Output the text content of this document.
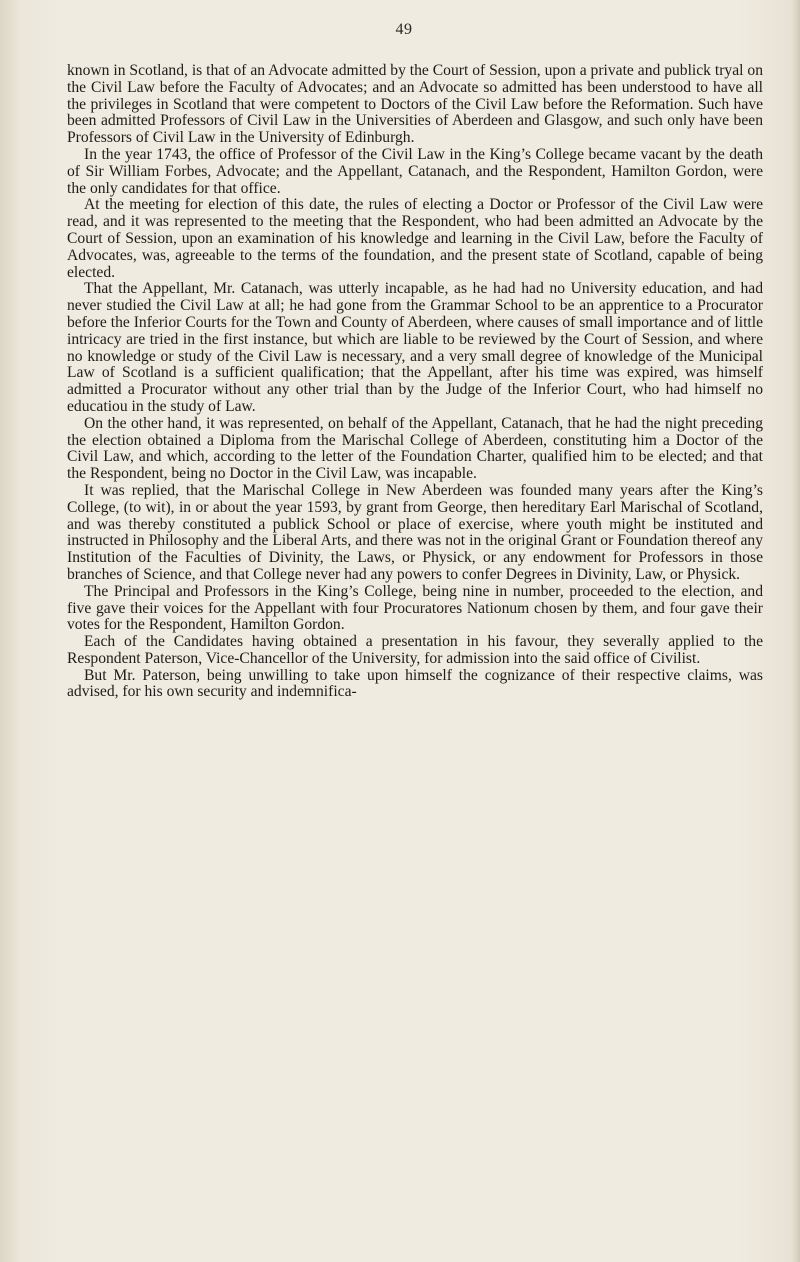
49

known in Scotland, is that of an Advocate admitted by the Court of Session, upon a private and publick tryal on the Civil Law before the Faculty of Advocates; and an Advocate so admitted has been understood to have all the privileges in Scotland that were competent to Doctors of the Civil Law before the Reformation. Such have been admitted Professors of Civil Law in the Universities of Aberdeen and Glasgow, and such only have been Professors of Civil Law in the University of Edinburgh.

In the year 1743, the office of Professor of the Civil Law in the King’s College became vacant by the death of Sir William Forbes, Advocate; and the Appellant, Catanach, and the Respondent, Hamilton Gordon, were the only candidates for that office.

At the meeting for election of this date, the rules of electing a Doctor or Professor of the Civil Law were read, and it was represented to the meeting that the Respondent, who had been admitted an Advocate by the Court of Session, upon an examination of his knowledge and learning in the Civil Law, before the Faculty of Advocates, was, agreeable to the terms of the foundation, and the present state of Scotland, capable of being elected.

That the Appellant, Mr. Catanach, was utterly incapable, as he had had no University education, and had never studied the Civil Law at all; he had gone from the Grammar School to be an apprentice to a Procurator before the Inferior Courts for the Town and County of Aberdeen, where causes of small importance and of little intricacy are tried in the first instance, but which are liable to be reviewed by the Court of Session, and where no knowledge or study of the Civil Law is necessary, and a very small degree of knowledge of the Municipal Law of Scotland is a sufficient qualification; that the Appellant, after his time was expired, was himself admitted a Procurator without any other trial than by the Judge of the Inferior Court, who had himself no educatiou in the study of Law.

On the other hand, it was represented, on behalf of the Appellant, Catanach, that he had the night preceding the election obtained a Diploma from the Marischal College of Aberdeen, constituting him a Doctor of the Civil Law, and which, according to the letter of the Foundation Charter, qualified him to be elected; and that the Respondent, being no Doctor in the Civil Law, was incapable.

It was replied, that the Marischal College in New Aberdeen was founded many years after the King’s College, (to wit), in or about the year 1593, by grant from George, then hereditary Earl Marischal of Scotland, and was thereby constituted a publick School or place of exercise, where youth might be instituted and instructed in Philosophy and the Liberal Arts, and there was not in the original Grant or Foundation thereof any Institution of the Faculties of Divinity, the Laws, or Physick, or any endowment for Professors in those branches of Science, and that College never had any powers to confer Degrees in Divinity, Law, or Physick.

The Principal and Professors in the King’s College, being nine in number, proceeded to the election, and five gave their voices for the Appellant with four Procuratores Nationum chosen by them, and four gave their votes for the Respondent, Hamilton Gordon.

Each of the Candidates having obtained a presentation in his favour, they severally applied to the Respondent Paterson, Vice-Chancellor of the University, for admission into the said office of Civilist.

But Mr. Paterson, being unwilling to take upon himself the cognizance of their respective claims, was advised, for his own security and indemnifica-
